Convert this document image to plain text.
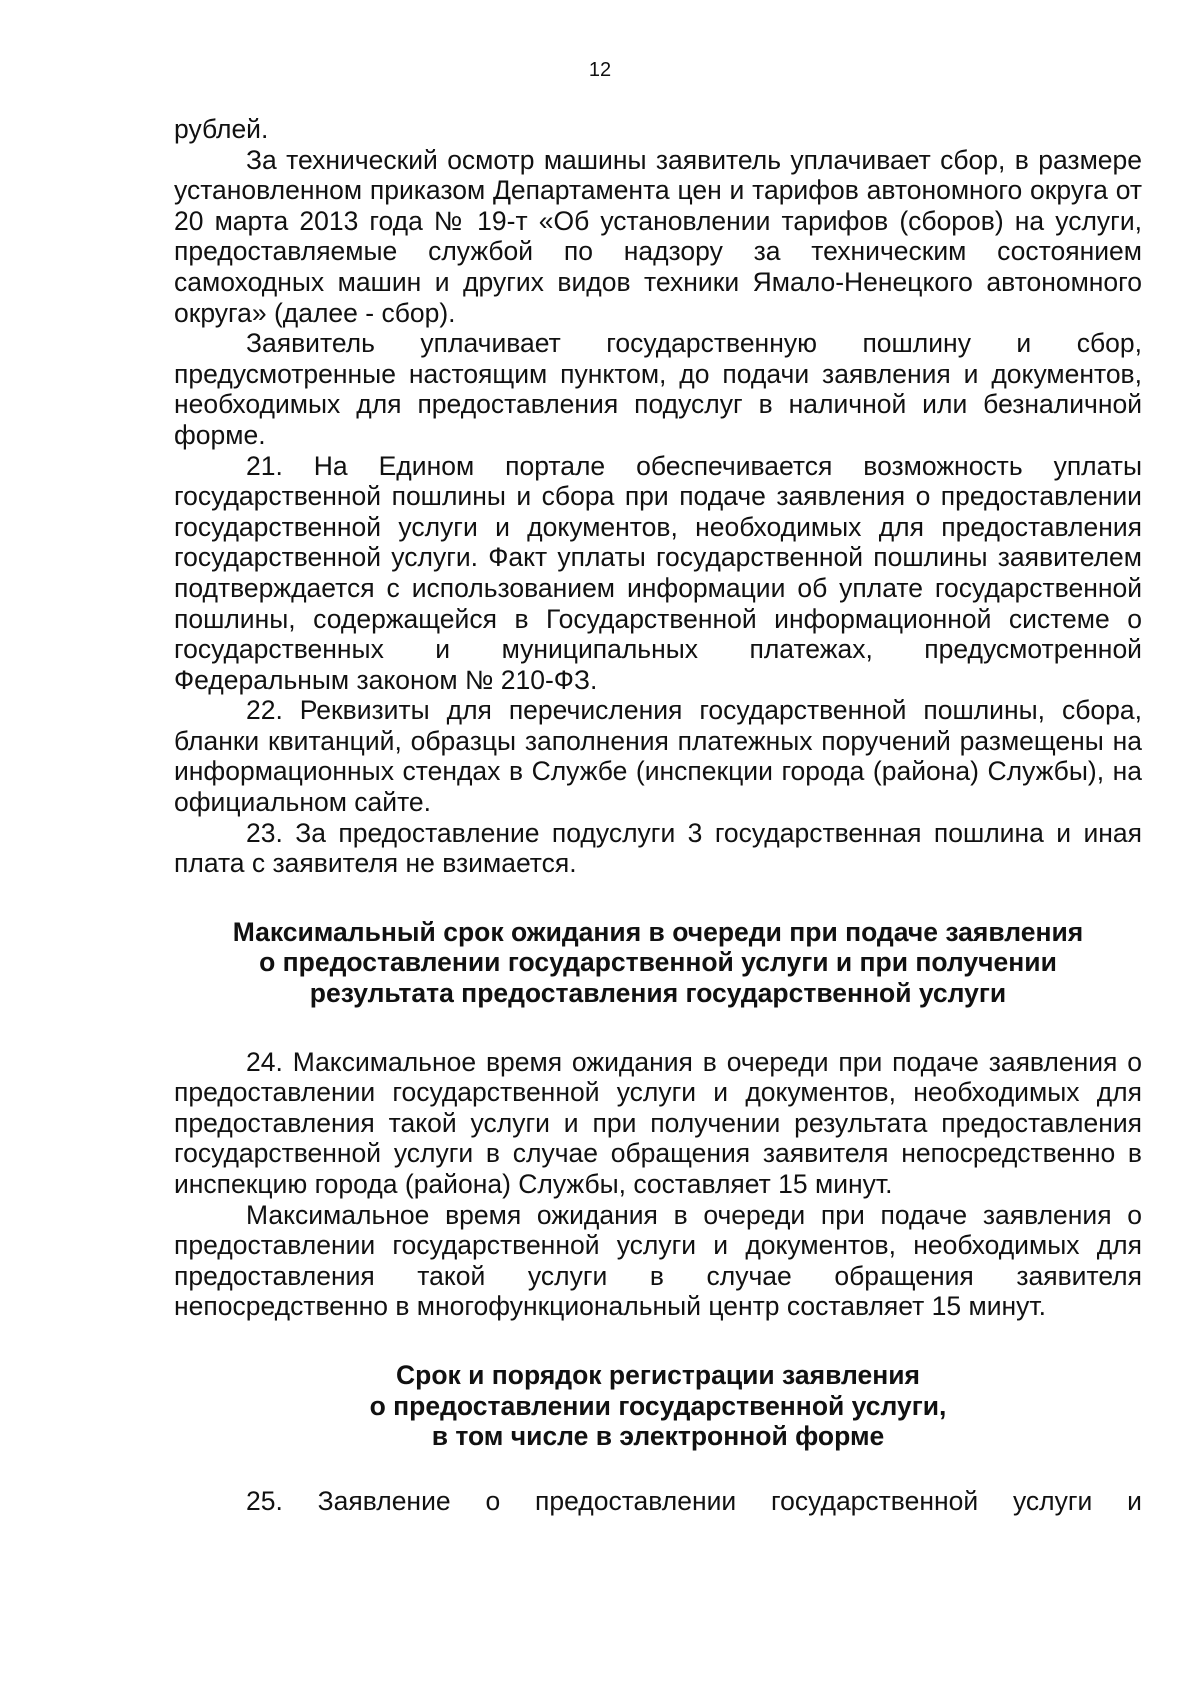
12

рублей.

За технический осмотр машины заявитель уплачивает сбор, в размере установленном приказом Департамента цен и тарифов автономного округа от 20 марта 2013 года № 19-т «Об установлении тарифов (сборов) на услуги, предоставляемые службой по надзору за техническим состоянием самоходных машин и других видов техники Ямало-Ненецкого автономного округа» (далее - сбор).

Заявитель уплачивает государственную пошлину и сбор, предусмотренные настоящим пунктом, до подачи заявления и документов, необходимых для предоставления подуслуг в наличной или безналичной форме.

21. На Едином портале обеспечивается возможность уплаты государственной пошлины и сбора при подаче заявления о предоставлении государственной услуги и документов, необходимых для предоставления государственной услуги. Факт уплаты государственной пошлины заявителем подтверждается с использованием информации об уплате государственной пошлины, содержащейся в Государственной информационной системе о государственных и муниципальных платежах, предусмотренной Федеральным законом № 210-ФЗ.

22. Реквизиты для перечисления государственной пошлины, сбора, бланки квитанций, образцы заполнения платежных поручений размещены на информационных стендах в Службе (инспекции города (района) Службы), на официальном сайте.

23. За предоставление подуслуги 3 государственная пошлина и иная плата с заявителя не взимается.

Максимальный срок ожидания в очереди при подаче заявления
о предоставлении государственной услуги и при получении
результата предоставления государственной услуги

24. Максимальное время ожидания в очереди при подаче заявления о предоставлении государственной услуги и документов, необходимых для предоставления такой услуги и при получении результата предоставления государственной услуги в случае обращения заявителя непосредственно в инспекцию города (района) Службы, составляет 15 минут.

Максимальное время ожидания в очереди при подаче заявления о предоставлении государственной услуги и документов, необходимых для предоставления такой услуги в случае обращения заявителя непосредственно в многофункциональный центр составляет 15 минут.

Срок и порядок регистрации заявления
о предоставлении государственной услуги,
в том числе в электронной форме

25. Заявление о предоставлении государственной услуги и
